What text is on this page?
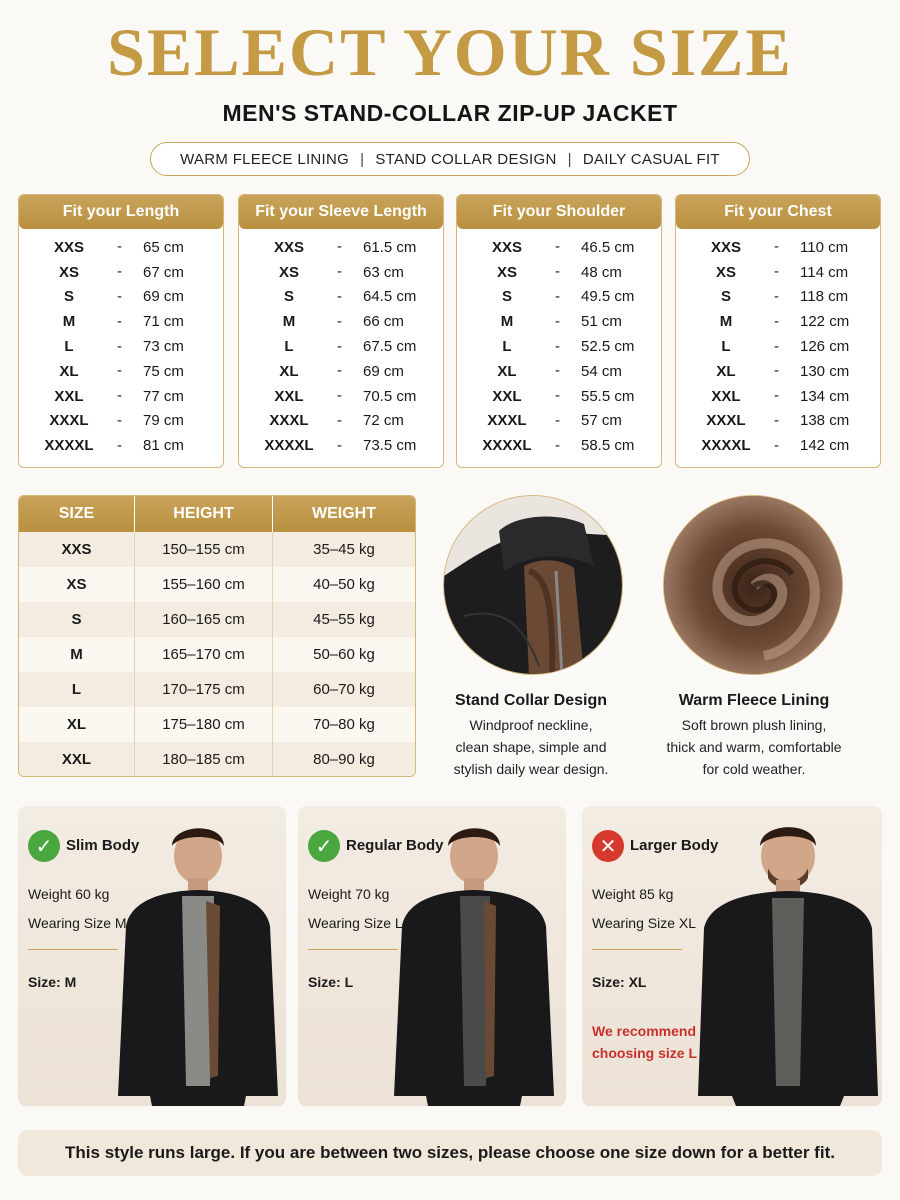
SELECT YOUR SIZE
MEN'S STAND-COLLAR ZIP-UP JACKET
WARM FLEECE LINING | STAND COLLAR DESIGN | DAILY CASUAL FIT
Fit your Length
XXS	-	65 cm
XS	-	67 cm
S	-	69 cm
M	-	71 cm
L	-	73 cm
XL	-	75 cm
XXL	-	77 cm
XXXL	-	79 cm
XXXXL	-	81 cm
Fit your Sleeve Length
XXS	-	61.5 cm
XS	-	63 cm
S	-	64.5 cm
M	-	66 cm
L	-	67.5 cm
XL	-	69 cm
XXL	-	70.5 cm
XXXL	-	72 cm
XXXXL	-	73.5 cm
Fit your Shoulder
XXS	-	46.5 cm
XS	-	48 cm
S	-	49.5 cm
M	-	51 cm
L	-	52.5 cm
XL	-	54 cm
XXL	-	55.5 cm
XXXL	-	57 cm
XXXXL	-	58.5 cm
Fit your Chest
XXS	-	110 cm
XS	-	114 cm
S	-	118 cm
M	-	122 cm
L	-	126 cm
XL	-	130 cm
XXL	-	134 cm
XXXL	-	138 cm
XXXXL	-	142 cm
SIZE	HEIGHT	WEIGHT
XXS	150–155 cm	35–45 kg
XS	155–160 cm	40–50 kg
S	160–165 cm	45–55 kg
M	165–170 cm	50–60 kg
L	170–175 cm	60–70 kg
XL	175–180 cm	70–80 kg
XXL	180–185 cm	80–90 kg
Stand Collar Design
Windproof neckline,
clean shape, simple and
stylish daily wear design.
Warm Fleece Lining
Soft brown plush lining,
thick and warm, comfortable
for cold weather.
✓ Slim Body
Weight 60 kg
Wearing Size M
Size: M
✓ Regular Body
Weight 70 kg
Wearing Size L
Size: L
✕ Larger Body
Weight 85 kg
Wearing Size XL
Size: XL
We recommend choosing size L
This style runs large. If you are between two sizes, please choose one size down for a better fit.
